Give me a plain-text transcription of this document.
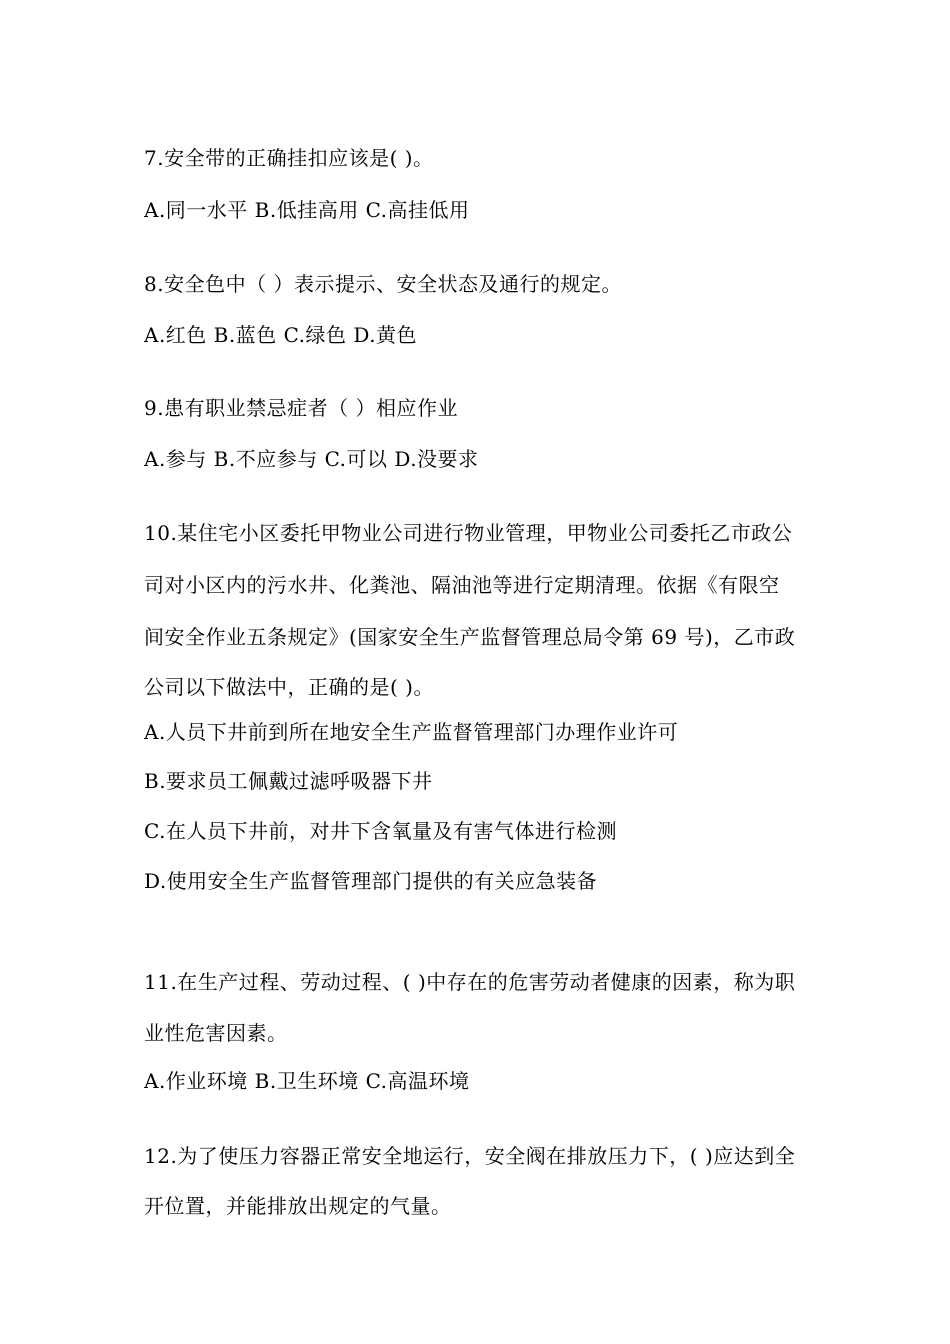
7.安全带的正确挂扣应该是( )。
A.同一水平 B.低挂高用 C.高挂低用
8.安全色中（ ）表示提示、安全状态及通行的规定。
A.红色 B.蓝色 C.绿色 D.黄色
9.患有职业禁忌症者（ ）相应作业
A.参与 B.不应参与 C.可以 D.没要求
10.某住宅小区委托甲物业公司进行物业管理，甲物业公司委托乙市政公
司对小区内的污水井、化粪池、隔油池等进行定期清理。依据《有限空
间安全作业五条规定》(国家安全生产监督管理总局令第 69 号)，乙市政
公司以下做法中，正确的是( )。
A.人员下井前到所在地安全生产监督管理部门办理作业许可
B.要求员工佩戴过滤呼吸器下井
C.在人员下井前，对井下含氧量及有害气体进行检测
D.使用安全生产监督管理部门提供的有关应急装备
11.在生产过程、劳动过程、( )中存在的危害劳动者健康的因素，称为职
业性危害因素。
A.作业环境 B.卫生环境 C.高温环境
12.为了使压力容器正常安全地运行，安全阀在排放压力下，( )应达到全
开位置，并能排放出规定的气量。
